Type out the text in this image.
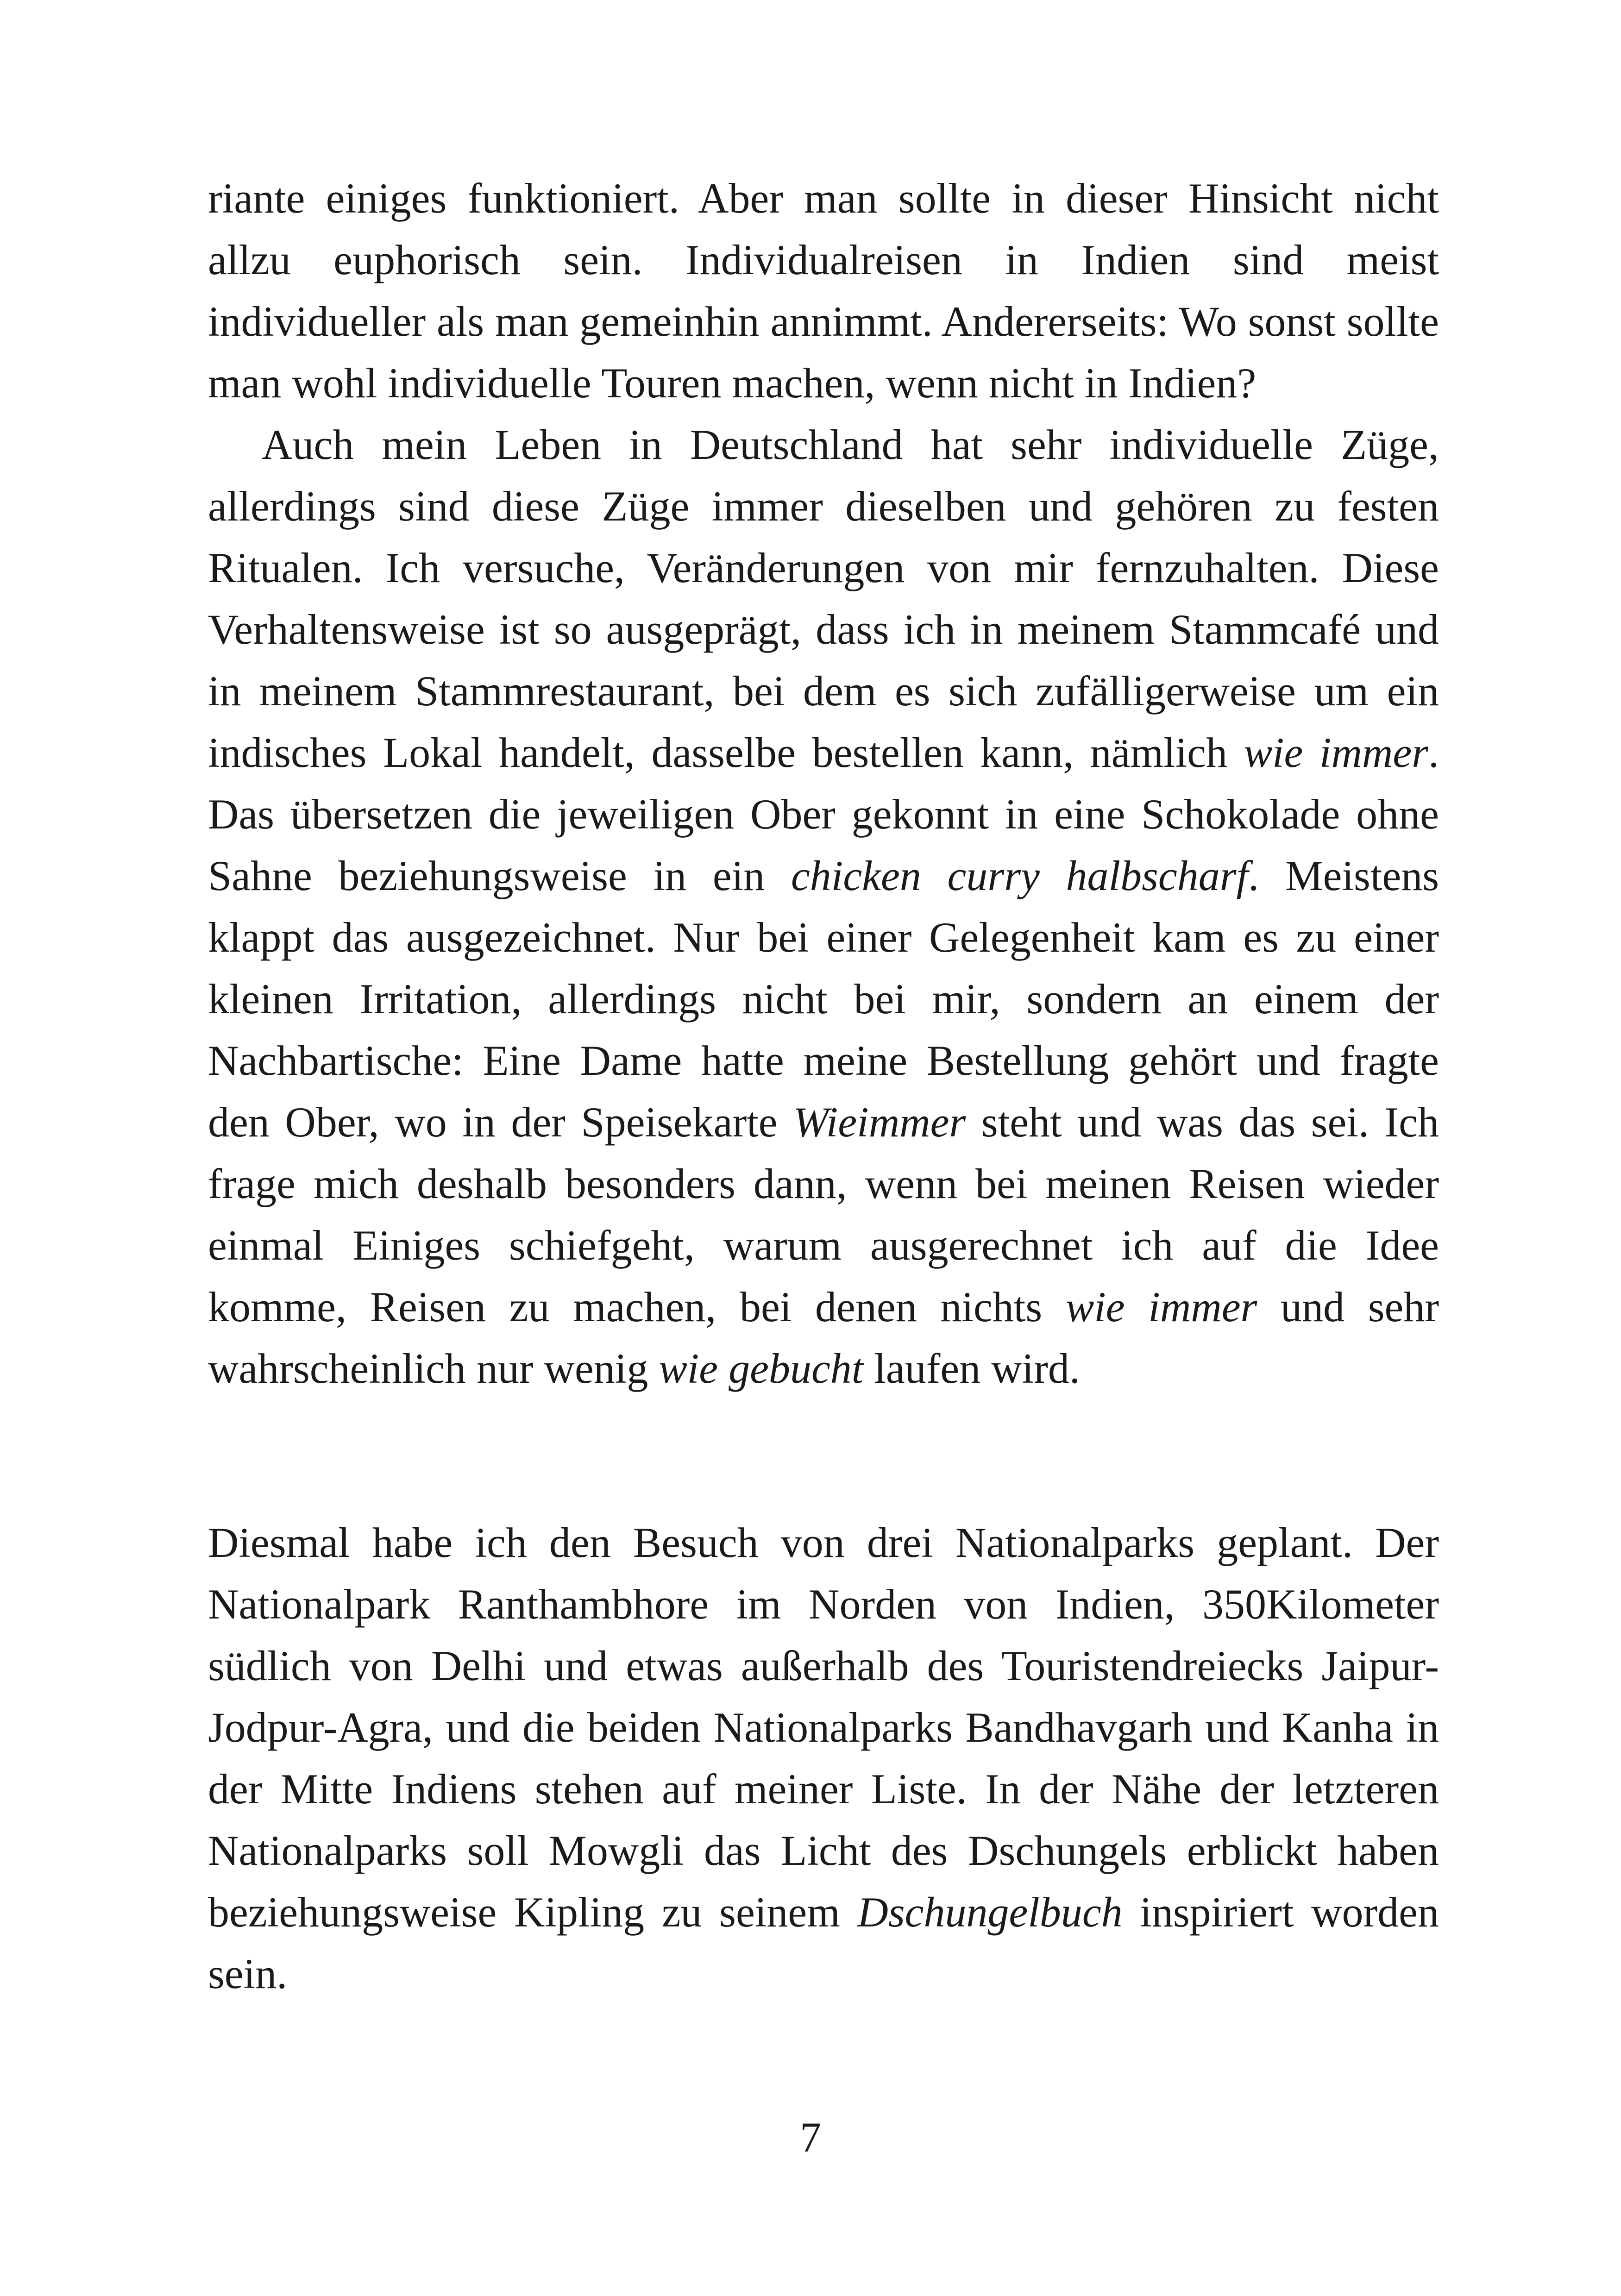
riante einiges funktioniert. Aber man sollte in dieser Hinsicht nicht allzu euphorisch sein. Individualreisen in Indien sind meist individueller als man gemeinhin annimmt. Andererseits: Wo sonst sollte man wohl individuelle Touren machen, wenn nicht in Indien?

Auch mein Leben in Deutschland hat sehr individuelle Züge, allerdings sind diese Züge immer dieselben und gehören zu festen Ritualen. Ich versuche, Veränderungen von mir fernzuhalten. Diese Verhaltensweise ist so ausgeprägt, dass ich in meinem Stammcafé und in meinem Stammrestaurant, bei dem es sich zufälligerweise um ein indisches Lokal handelt, dasselbe bestellen kann, nämlich wie immer. Das übersetzen die jeweiligen Ober gekonnt in eine Schokolade ohne Sahne beziehungsweise in ein chicken curry halbscharf. Meistens klappt das ausgezeichnet. Nur bei einer Gelegenheit kam es zu einer kleinen Irritation, allerdings nicht bei mir, sondern an einem der Nachbartische: Eine Dame hatte meine Bestellung gehört und fragte den Ober, wo in der Speisekarte Wieimmer steht und was das sei. Ich frage mich deshalb besonders dann, wenn bei meinen Reisen wieder einmal Einiges schiefgeht, warum ausgerechnet ich auf die Idee komme, Reisen zu machen, bei denen nichts wie immer und sehr wahrscheinlich nur wenig wie gebucht laufen wird.

Diesmal habe ich den Besuch von drei Nationalparks geplant. Der Nationalpark Ranthambhore im Norden von Indien, 350Kilometer südlich von Delhi und etwas außerhalb des Touristendreiecks Jaipur-Jodpur-Agra, und die beiden Nationalparks Bandhavgarh und Kanha in der Mitte Indiens stehen auf meiner Liste. In der Nähe der letzteren Nationalparks soll Mowgli das Licht des Dschungels erblickt haben beziehungsweise Kipling zu seinem Dschungelbuch inspiriert worden sein.

7
